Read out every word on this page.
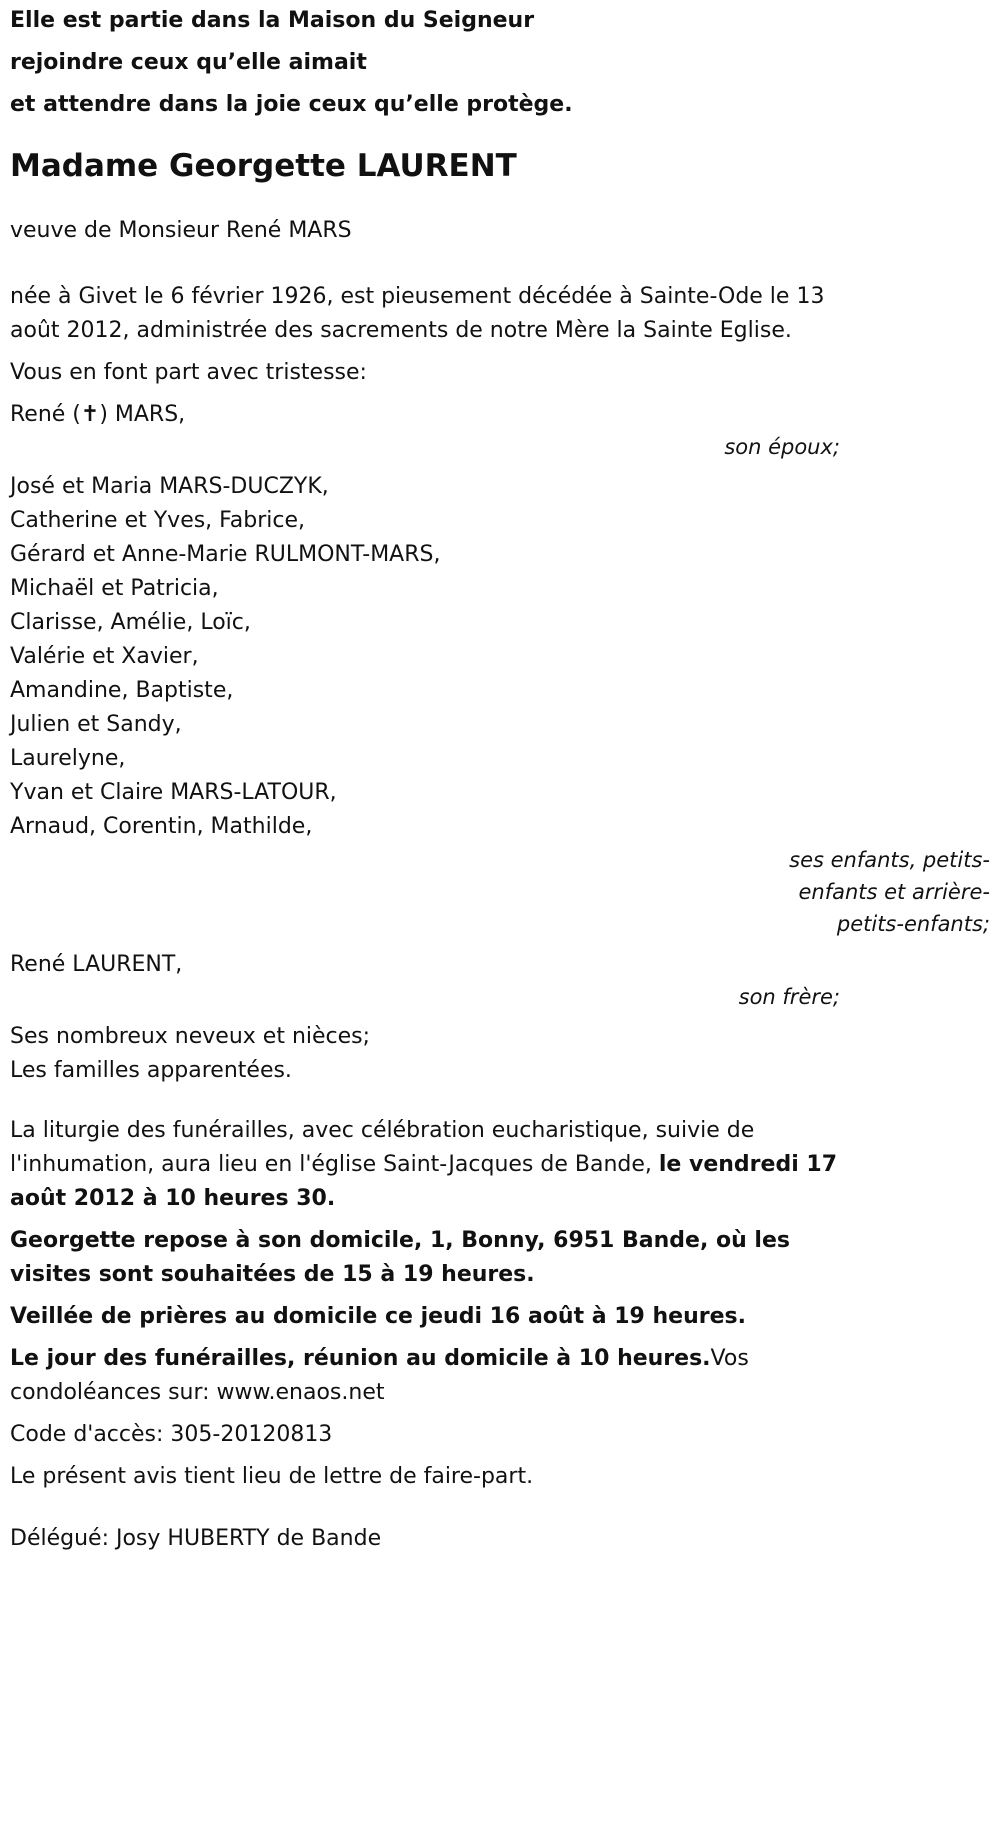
Elle est partie dans la Maison du Seigneur

rejoindre ceux qu’elle aimait

et attendre dans la joie ceux qu’elle protège.

Madame Georgette LAURENT

veuve de Monsieur René MARS

née à Givet le 6 février 1926, est pieusement décédée à Sainte-Ode le 13 août 2012, administrée des sacrements de notre Mère la Sainte Eglise.

Vous en font part avec tristesse:

René (✝) MARS,

son époux;

José et Maria MARS-DUCZYK,

Catherine et Yves, Fabrice,

Gérard et Anne-Marie RULMONT-MARS,

Michaël et Patricia,

Clarisse, Amélie, Loïc,

Valérie et Xavier,

Amandine, Baptiste,

Julien et Sandy,

Laurelyne,

Yvan et Claire MARS-LATOUR,

Arnaud, Corentin, Mathilde,

ses enfants, petits-enfants et arrière-petits-enfants;

René LAURENT,

son frère;

Ses nombreux neveux et nièces;

Les familles apparentées.

La liturgie des funérailles, avec célébration eucharistique, suivie de l'inhumation, aura lieu en l'église Saint-Jacques de Bande, le vendredi 17 août 2012 à 10 heures 30.

Georgette repose à son domicile, 1, Bonny, 6951 Bande, où les visites sont souhaitées de 15 à 19 heures.

Veillée de prières au domicile ce jeudi 16 août à 19 heures.

Le jour des funérailles, réunion au domicile à 10 heures.Vos condoléances sur: www.enaos.net

Code d'accès: 305-20120813

Le présent avis tient lieu de lettre de faire-part.

Délégué: Josy HUBERTY de Bande
